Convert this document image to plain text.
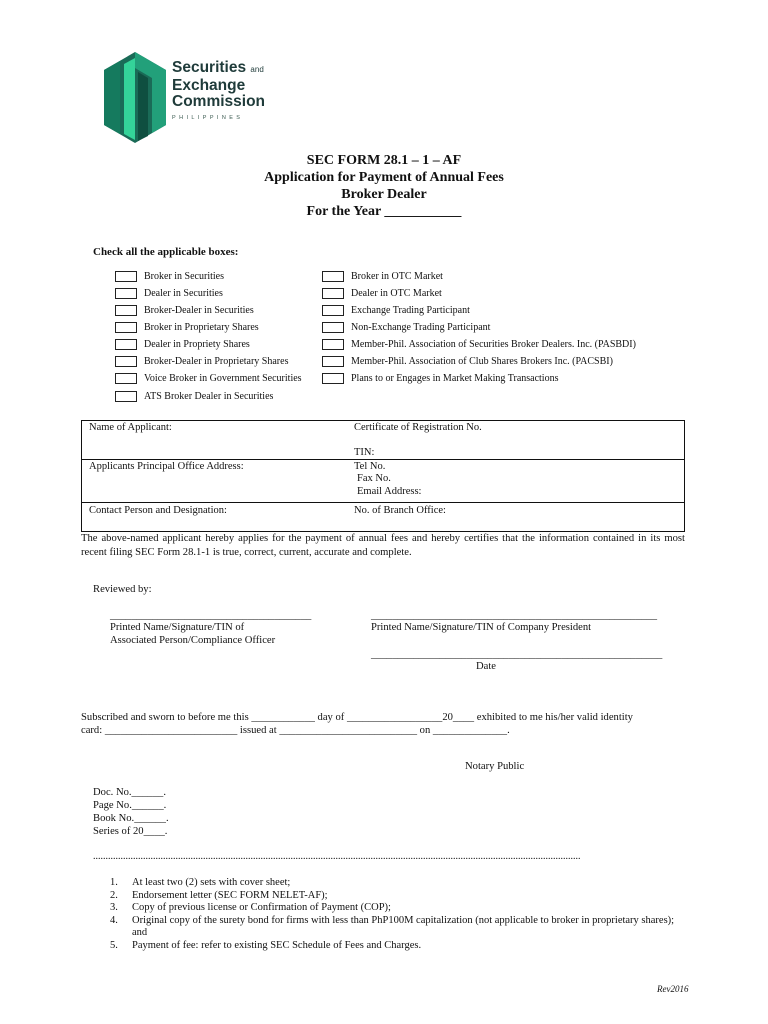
Securities and
Exchange
Commission
PHILIPPINES
SEC FORM 28.1 – 1 – AF
Application for Payment of Annual Fees
Broker Dealer
For the Year ___________
Check all the applicable boxes:
Broker in Securities
Dealer in Securities
Broker-Dealer in Securities
Broker in Proprietary Shares
Dealer in Propriety Shares
Broker-Dealer in Proprietary Shares
Voice Broker in Government Securities
ATS Broker Dealer in Securities
Broker in OTC Market
Dealer in OTC Market
Exchange Trading Participant
Non-Exchange Trading Participant
Member-Phil. Association of Securities Broker Dealers. Inc. (PASBDI)
Member-Phil. Association of Club Shares Brokers Inc. (PACSBI)
Plans to or Engages in Market Making Transactions
Name of Applicant:	Certificate of Registration No.
TIN:
Applicants Principal Office Address:	Tel No.
Fax No.
Email Address:
Contact Person and Designation:	No. of Branch Office:
The above-named applicant hereby applies for the payment of annual fees and hereby certifies that the information contained in its most recent filing SEC Form 28.1-1 is true, correct, current, accurate and complete.
Reviewed by:
______________________________________
Printed Name/Signature/TIN of
Associated Person/Compliance Officer
______________________________________________________
Printed Name/Signature/TIN of Company President
_______________________________________________________
Date
Subscribed and sworn to before me this ____________ day of __________________20____ exhibited to me his/her valid identity
card: _________________________ issued at __________________________ on ______________.
Notary Public
Doc. No.______.
Page No.______.
Book No.______.
Series of 20____.
...................................................................................................................................................................................................
1.	At least two (2) sets with cover sheet;
2.	Endorsement letter (SEC FORM NELET-AF);
3.	Copy of previous license or Confirmation of Payment (COP);
4.	Original copy of the surety bond for firms with less than PhP100M capitalization (not applicable to broker in proprietary shares); and
5.	Payment of fee: refer to existing SEC Schedule of Fees and Charges.
Rev2016
